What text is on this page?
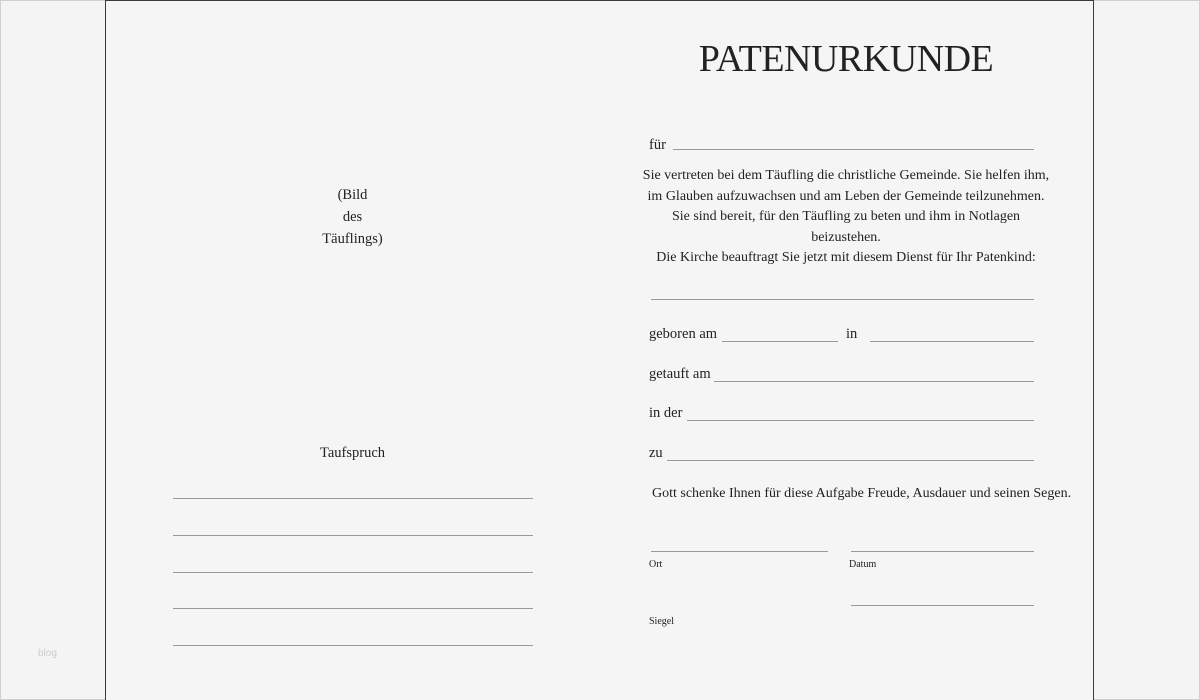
(Bild
des
Täuflings)
Taufspruch
PATENURKUNDE
für
Sie vertreten bei dem Täufling die christliche Gemeinde. Sie helfen ihm,
im Glauben aufzuwachsen und am Leben der Gemeinde teilzunehmen.
Sie sind bereit, für den Täufling zu beten und ihm in Notlagen beizustehen.
Die Kirche beauftragt Sie jetzt mit diesem Dienst für Ihr Patenkind:
geboren am	in
getauft am
in der
zu
Gott schenke Ihnen für diese Aufgabe Freude, Ausdauer und seinen Segen.
Ort	Datum
Siegel
blog
